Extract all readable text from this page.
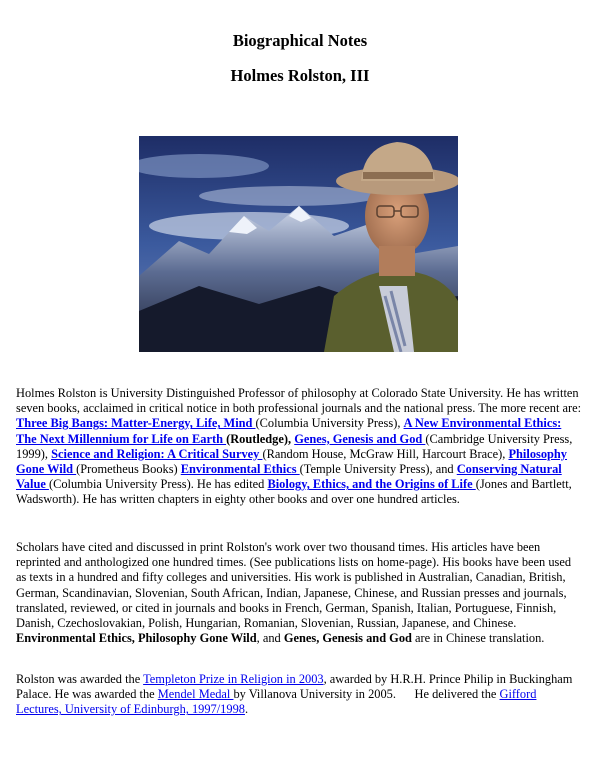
Biographical Notes
Holmes Rolston, III
Holmes Rolston is University Distinguished Professor of philosophy at Colorado State University. He has written seven books, acclaimed in critical notice in both professional journals and the national press. The more recent are: Three Big Bangs: Matter-Energy, Life, Mind (Columbia University Press), A New Environmental Ethics: The Next Millennium for Life on Earth (Routledge), Genes, Genesis and God (Cambridge University Press, 1999), Science and Religion: A Critical Survey (Random House, McGraw Hill, Harcourt Brace), Philosophy Gone Wild (Prometheus Books) Environmental Ethics (Temple University Press), and Conserving Natural Value (Columbia University Press). He has edited Biology, Ethics, and the Origins of Life (Jones and Bartlett, Wadsworth). He has written chapters in eighty other books and over one hundred articles.
Scholars have cited and discussed in print Rolston's work over two thousand times. His articles have been reprinted and anthologized one hundred times. (See publications lists on home-page). His books have been used as texts in a hundred and fifty colleges and universities. His work is published in Australian, Canadian, British, German, Scandinavian, Slovenian, South African, Indian, Japanese, Chinese, and Russian presses and journals, translated, reviewed, or cited in journals and books in French, German, Spanish, Italian, Portuguese, Finnish, Danish, Czechoslovakian, Polish, Hungarian, Romanian, Slovenian, Russian, Japanese, and Chinese. Environmental Ethics, Philosophy Gone Wild, and Genes, Genesis and God are in Chinese translation.
Rolston was awarded the Templeton Prize in Religion in 2003, awarded by H.R.H. Prince Philip in Buckingham Palace. He was awarded the Mendel Medal by Villanova University in 2005.      He delivered the Gifford Lectures, University of Edinburgh, 1997/1998.
